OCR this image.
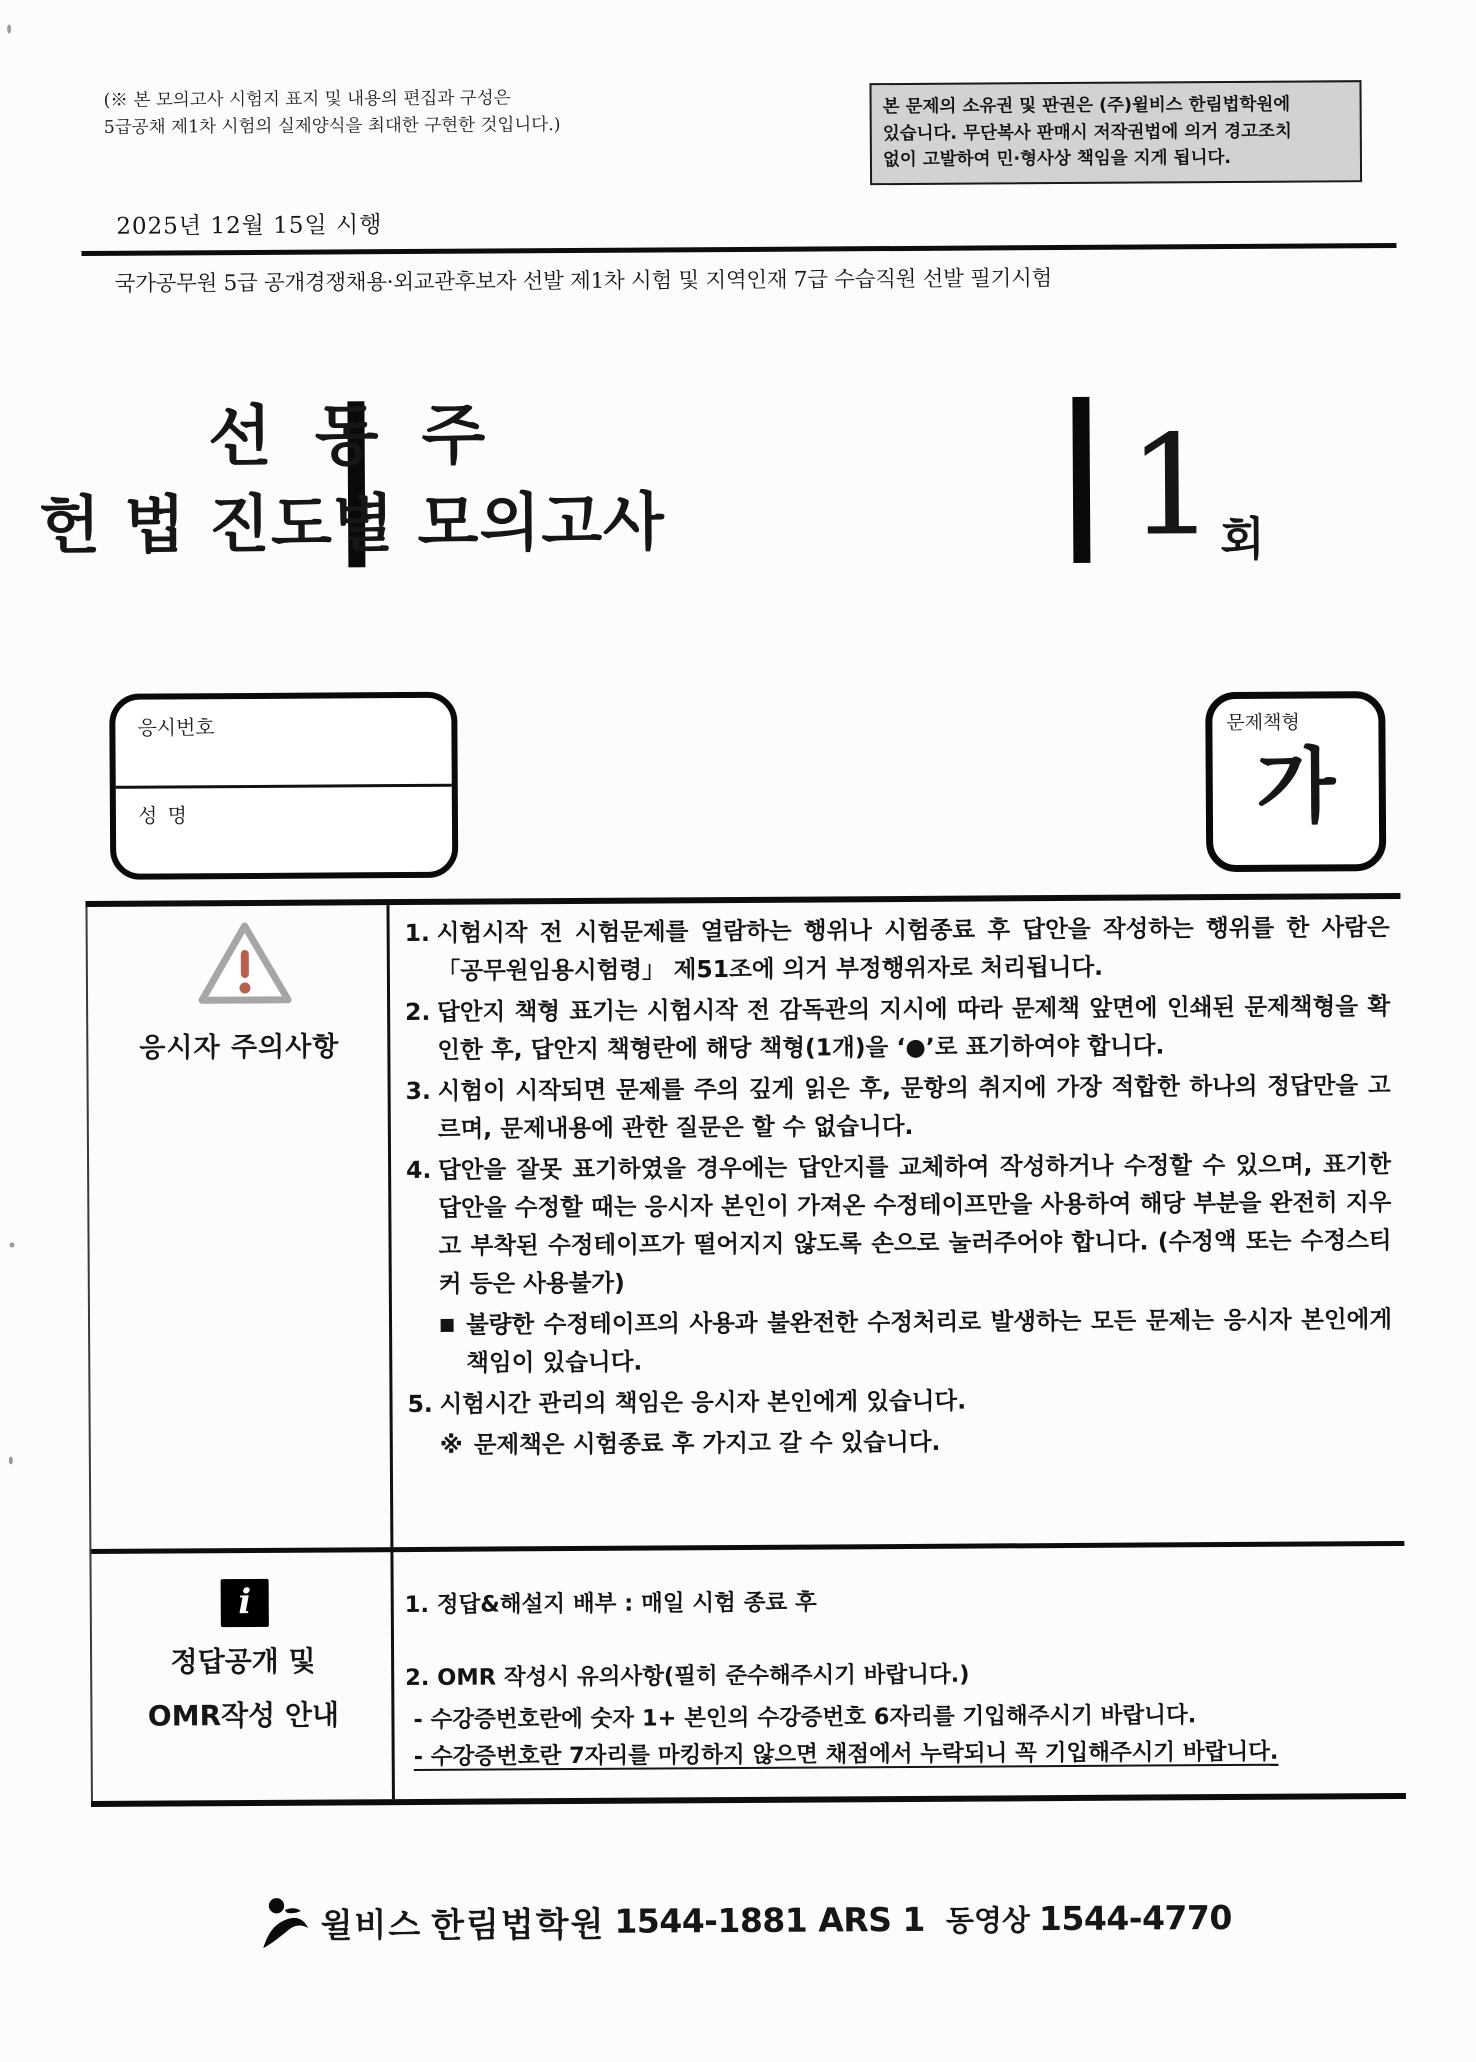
(※ 본 모의고사 시험지 표지 및 내용의 편집과 구성은
5급공채 제1차 시험의 실제양식을 최대한 구현한 것입니다.)
본 문제의 소유권 및 판권은 (주)윌비스 한림법학원에
있습니다. 무단복사 판매시 저작권법에 의거 경고조치
없이 고발하여 민·형사상 책임을 지게 됩니다.
2025년 12월 15일 시행
국가공무원 5급 공개경쟁채용·외교관후보자 선발 제1차 시험 및 지역인재 7급 수습직원 선발 필기시험
선 동 주
헌 법 진도별 모의고사	1 회
응시번호
성 명
문제책형
가
응시자 주의사항
1. 시험시작 전 시험문제를 열람하는 행위나 시험종료 후 답안을 작성하는 행위를 한 사람은 「공무원임용시험령」 제51조에 의거 부정행위자로 처리됩니다.
2. 답안지 책형 표기는 시험시작 전 감독관의 지시에 따라 문제책 앞면에 인쇄된 문제책형을 확인한 후, 답안지 책형란에 해당 책형(1개)을 ‘●’로 표기하여야 합니다.
3. 시험이 시작되면 문제를 주의 깊게 읽은 후, 문항의 취지에 가장 적합한 하나의 정답만을 고르며, 문제내용에 관한 질문은 할 수 없습니다.
4. 답안을 잘못 표기하였을 경우에는 답안지를 교체하여 작성하거나 수정할 수 있으며, 표기한 답안을 수정할 때는 응시자 본인이 가져온 수정테이프만을 사용하여 해당 부분을 완전히 지우고 부착된 수정테이프가 떨어지지 않도록 손으로 눌러주어야 합니다. (수정액 또는 수정스티커 등은 사용불가)
■ 불량한 수정테이프의 사용과 불완전한 수정처리로 발생하는 모든 문제는 응시자 본인에게 책임이 있습니다.
5. 시험시간 관리의 책임은 응시자 본인에게 있습니다.
※ 문제책은 시험종료 후 가지고 갈 수 있습니다.
i
정답공개 및
OMR작성 안내
1. 정답&해설지 배부 : 매일 시험 종료 후
2. OMR 작성시 유의사항(필히 준수해주시기 바랍니다.)
- 수강증번호란에 숫자 1+ 본인의 수강증번호 6자리를 기입해주시기 바랍니다.
- 수강증번호란 7자리를 마킹하지 않으면 채점에서 누락되니 꼭 기입해주시기 바랍니다.
윌비스 한림법학원 1544-1881 ARS 1 동영상 1544-4770
